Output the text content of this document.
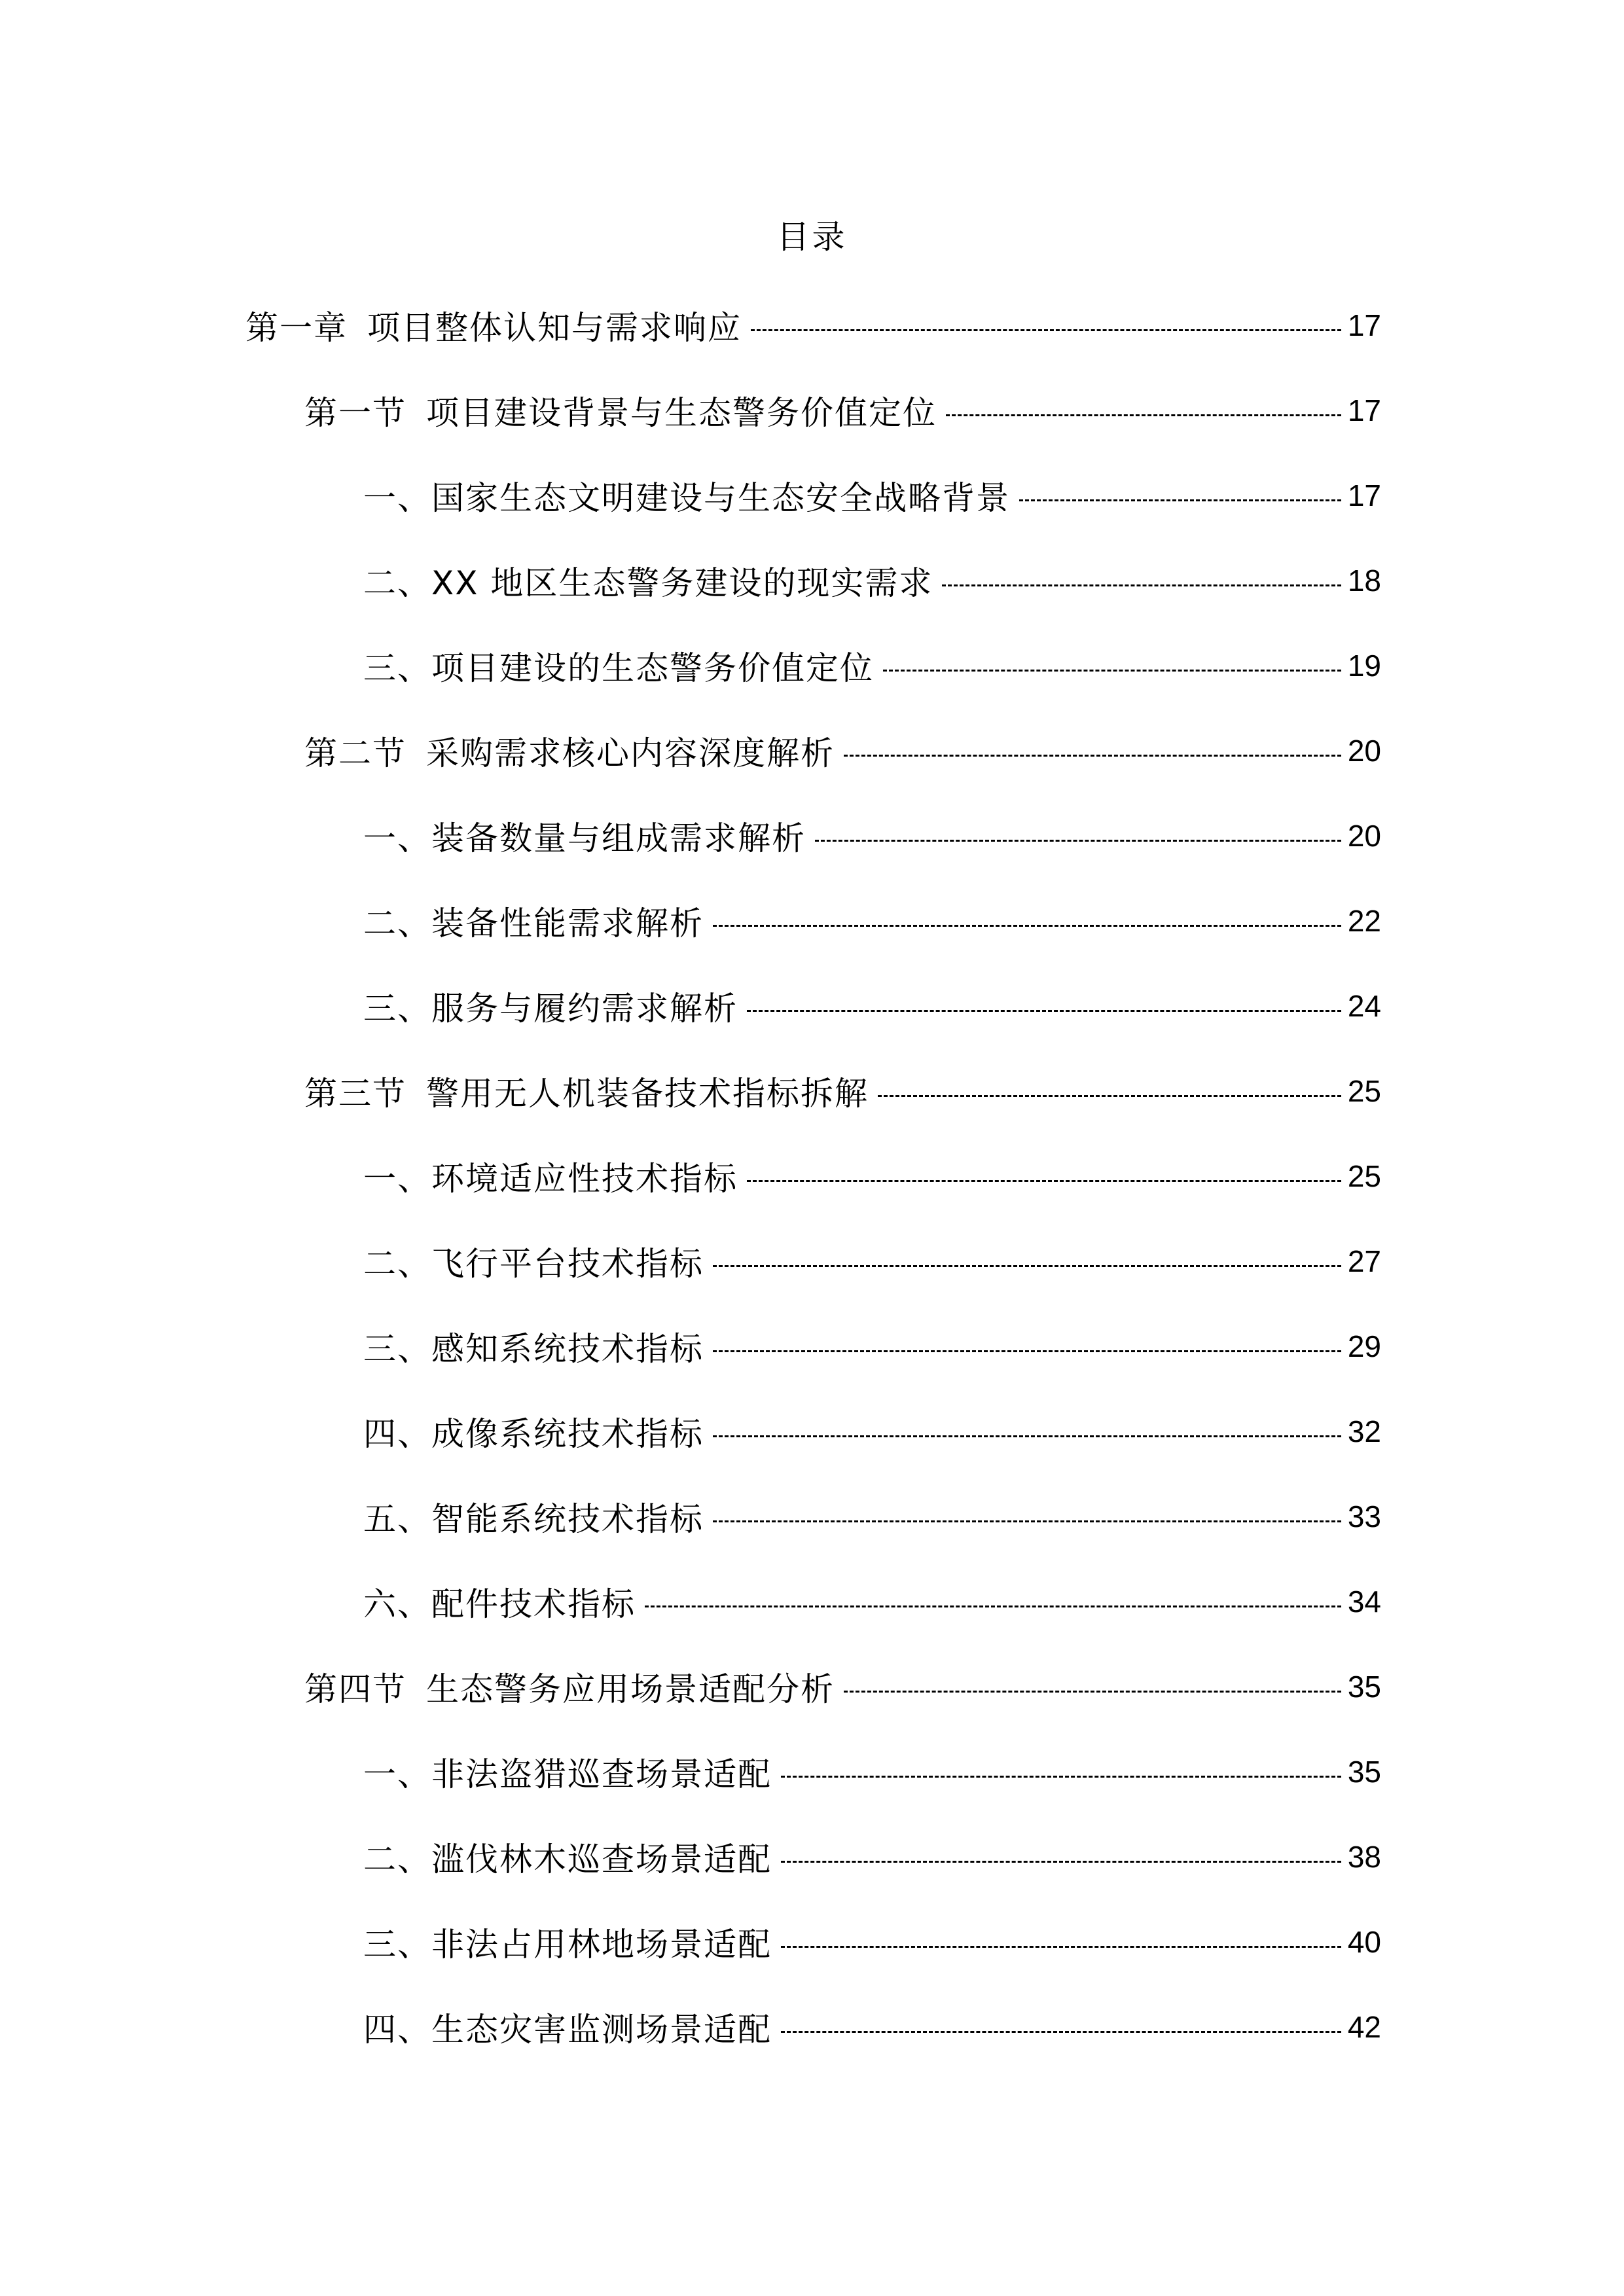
目录
第一章 项目整体认知与需求响应	17
第一节 项目建设背景与生态警务价值定位	17
一、 国家生态文明建设与生态安全战略背景	17
二、 XX 地区生态警务建设的现实需求	18
三、 项目建设的生态警务价值定位	19
第二节 采购需求核心内容深度解析	20
一、 装备数量与组成需求解析	20
二、 装备性能需求解析	22
三、 服务与履约需求解析	24
第三节 警用无人机装备技术指标拆解	25
一、 环境适应性技术指标	25
二、 飞行平台技术指标	27
三、 感知系统技术指标	29
四、 成像系统技术指标	32
五、 智能系统技术指标	33
六、 配件技术指标	34
第四节 生态警务应用场景适配分析	35
一、 非法盗猎巡查场景适配	35
二、 滥伐林木巡查场景适配	38
三、 非法占用林地场景适配	40
四、 生态灾害监测场景适配	42
